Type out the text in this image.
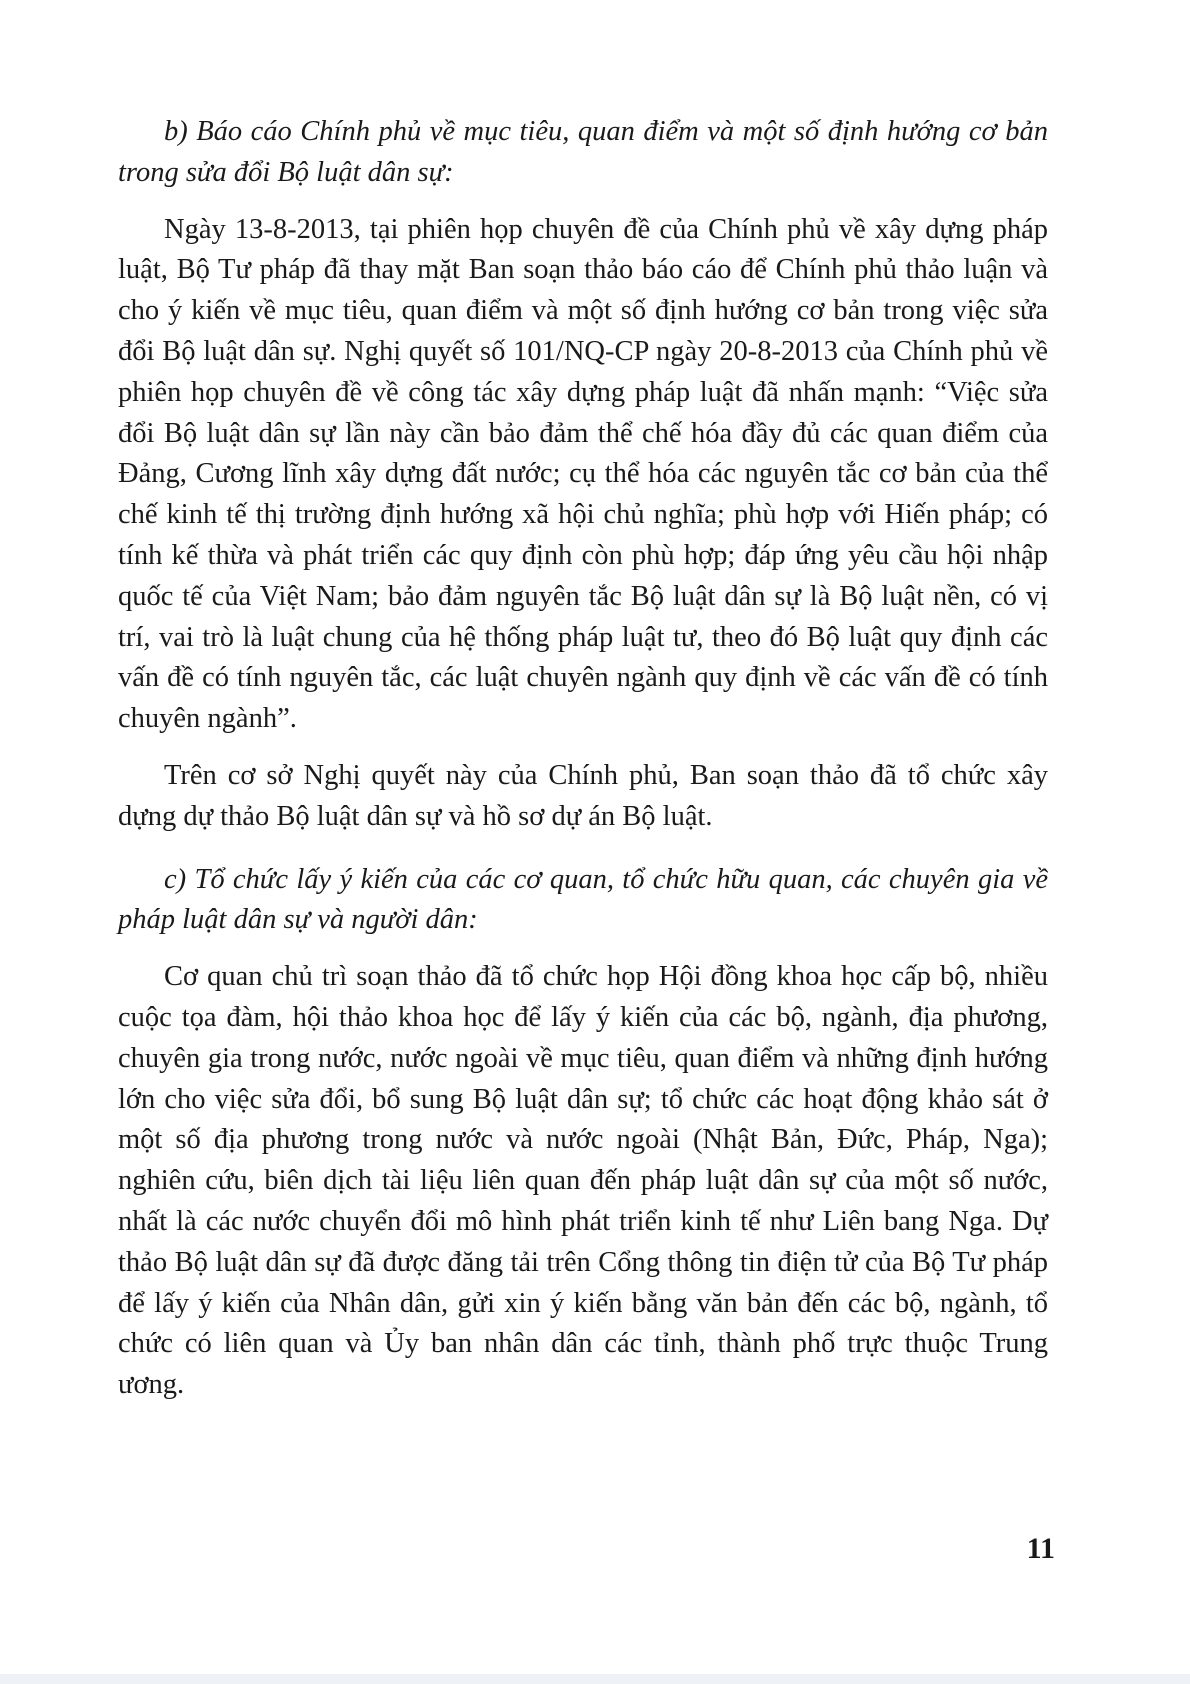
b) Báo cáo Chính phủ về mục tiêu, quan điểm và một số định hướng cơ bản trong sửa đổi Bộ luật dân sự:

Ngày 13-8-2013, tại phiên họp chuyên đề của Chính phủ về xây dựng pháp luật, Bộ Tư pháp đã thay mặt Ban soạn thảo báo cáo để Chính phủ thảo luận và cho ý kiến về mục tiêu, quan điểm và một số định hướng cơ bản trong việc sửa đổi Bộ luật dân sự. Nghị quyết số 101/NQ-CP ngày 20-8-2013 của Chính phủ về phiên họp chuyên đề về công tác xây dựng pháp luật đã nhấn mạnh: “Việc sửa đổi Bộ luật dân sự lần này cần bảo đảm thể chế hóa đầy đủ các quan điểm của Đảng, Cương lĩnh xây dựng đất nước; cụ thể hóa các nguyên tắc cơ bản của thể chế kinh tế thị trường định hướng xã hội chủ nghĩa; phù hợp với Hiến pháp; có tính kế thừa và phát triển các quy định còn phù hợp; đáp ứng yêu cầu hội nhập quốc tế của Việt Nam; bảo đảm nguyên tắc Bộ luật dân sự là Bộ luật nền, có vị trí, vai trò là luật chung của hệ thống pháp luật tư, theo đó Bộ luật quy định các vấn đề có tính nguyên tắc, các luật chuyên ngành quy định về các vấn đề có tính chuyên ngành”.

Trên cơ sở Nghị quyết này của Chính phủ, Ban soạn thảo đã tổ chức xây dựng dự thảo Bộ luật dân sự và hồ sơ dự án Bộ luật.

c) Tổ chức lấy ý kiến của các cơ quan, tổ chức hữu quan, các chuyên gia về pháp luật dân sự và người dân:

Cơ quan chủ trì soạn thảo đã tổ chức họp Hội đồng khoa học cấp bộ, nhiều cuộc tọa đàm, hội thảo khoa học để lấy ý kiến của các bộ, ngành, địa phương, chuyên gia trong nước, nước ngoài về mục tiêu, quan điểm và những định hướng lớn cho việc sửa đổi, bổ sung Bộ luật dân sự; tổ chức các hoạt động khảo sát ở một số địa phương trong nước và nước ngoài (Nhật Bản, Đức, Pháp, Nga); nghiên cứu, biên dịch tài liệu liên quan đến pháp luật dân sự của một số nước, nhất là các nước chuyển đổi mô hình phát triển kinh tế như Liên bang Nga. Dự thảo Bộ luật dân sự đã được đăng tải trên Cổng thông tin điện tử của Bộ Tư pháp để lấy ý kiến của Nhân dân, gửi xin ý kiến bằng văn bản đến các bộ, ngành, tổ chức có liên quan và Ủy ban nhân dân các tỉnh, thành phố trực thuộc Trung ương.

11
